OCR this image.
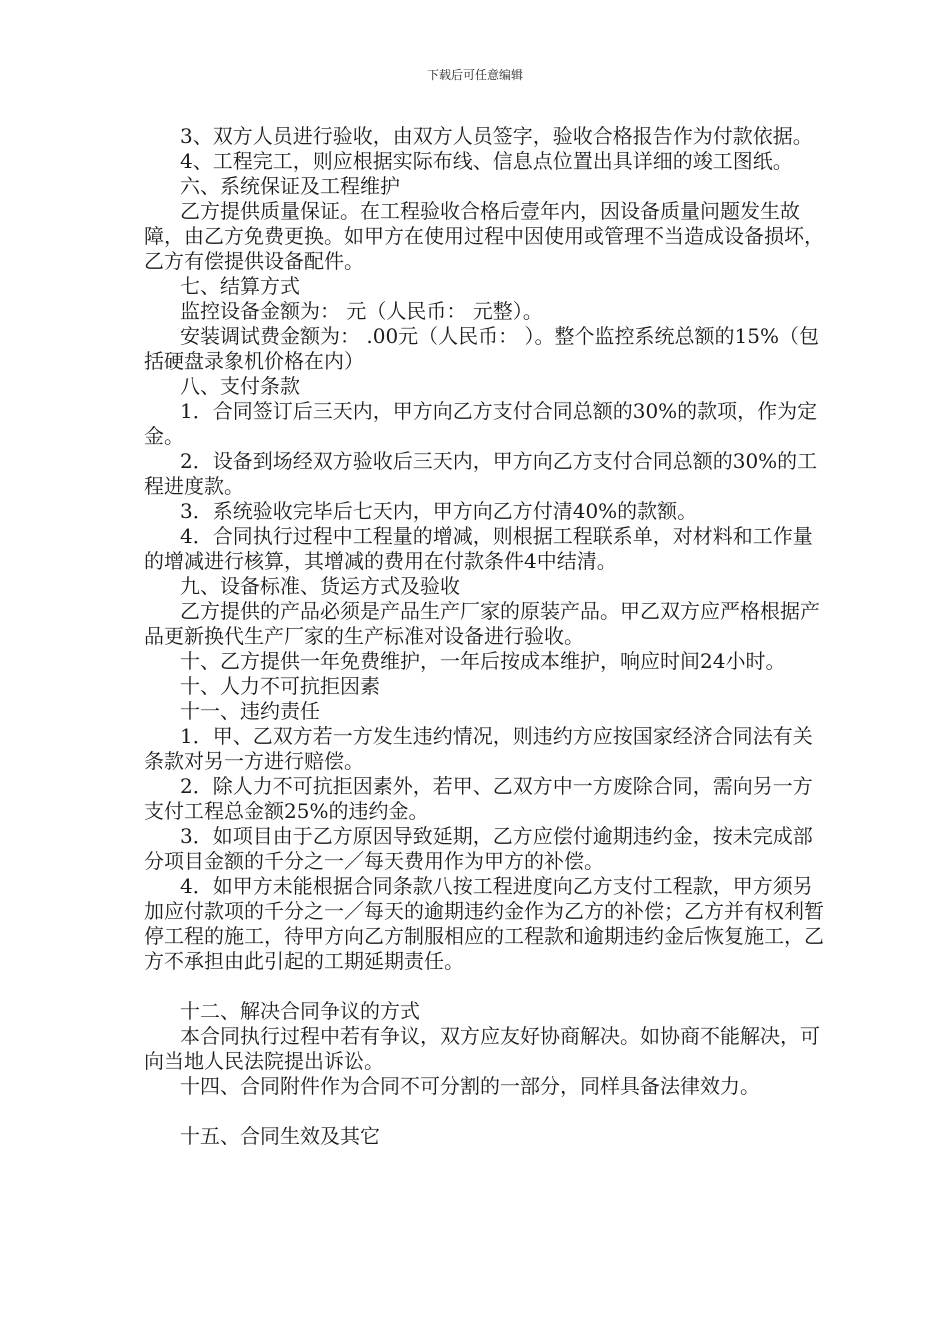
下载后可任意编辑

3、双方人员进行验收，由双方人员签字，验收合格报告作为付款依据。

4、工程完工，则应根据实际布线、信息点位置出具详细的竣工图纸。

六、系统保证及工程维护

乙方提供质量保证。在工程验收合格后壹年内，因设备质量问题发生故障，由乙方免费更换。如甲方在使用过程中因使用或管理不当造成设备损坏，乙方有偿提供设备配件。

七、结算方式

监控设备金额为： 元（人民币： 元整）。

安装调试费金额为： .00元（人民币： ）。整个监控系统总额的15%（包括硬盘录象机价格在内）

八、支付条款

1．合同签订后三天内，甲方向乙方支付合同总额的30%的款项，作为定金。

2．设备到场经双方验收后三天内，甲方向乙方支付合同总额的30%的工程进度款。

3．系统验收完毕后七天内，甲方向乙方付清40%的款额。

4．合同执行过程中工程量的增减，则根据工程联系单，对材料和工作量的增减进行核算，其增减的费用在付款条件4中结清。

九、设备标准、货运方式及验收

乙方提供的产品必须是产品生产厂家的原装产品。甲乙双方应严格根据产品更新换代生产厂家的生产标准对设备进行验收。

十、乙方提供一年免费维护，一年后按成本维护，响应时间24小时。

十、人力不可抗拒因素

十一、违约责任

1．甲、乙双方若一方发生违约情况，则违约方应按国家经济合同法有关条款对另一方进行赔偿。

2．除人力不可抗拒因素外，若甲、乙双方中一方废除合同，需向另一方支付工程总金额25%的违约金。

3．如项目由于乙方原因导致延期，乙方应偿付逾期违约金，按未完成部分项目金额的千分之一／每天费用作为甲方的补偿。

4．如甲方未能根据合同条款八按工程进度向乙方支付工程款，甲方须另加应付款项的千分之一／每天的逾期违约金作为乙方的补偿；乙方并有权利暂停工程的施工，待甲方向乙方制服相应的工程款和逾期违约金后恢复施工，乙方不承担由此引起的工期延期责任。

十二、解决合同争议的方式

本合同执行过程中若有争议，双方应友好协商解决。如协商不能解决，可向当地人民法院提出诉讼。

十四、合同附件作为合同不可分割的一部分，同样具备法律效力。

十五、合同生效及其它
